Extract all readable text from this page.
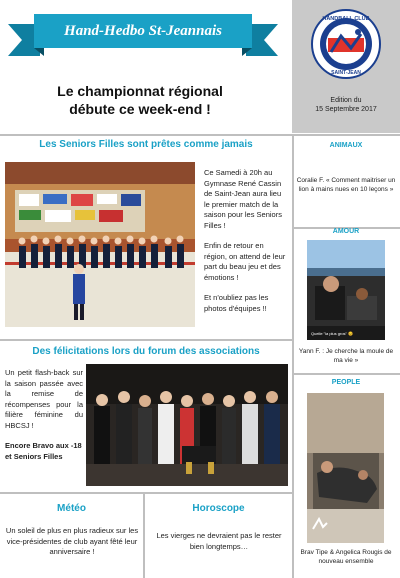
Hand-Hedbo St-Jeannais
Le championnat régional
débute ce week-end !
HANDBALL CLUB
SAINT-JEAN
Edition du
15 Septembre 2017
Les Seniors Filles sont prêtes comme jamais

Ce Samedi à 20h au Gymnase René Cassin de Saint-Jean aura lieu le premier match de la saison pour les Seniors Filles !

Enfin de retour en région, on attend de leur part du beau jeu et des émotions !

Et n'oubliez pas les photos d'équipes !!

Des félicitations lors du forum des associations

Un petit flash-back sur la saison passée avec la remise de récompenses pour la filière féminine du HBCSJ !

Encore Bravo aux -18 et Seniors Filles

Météo
Un soleil de plus en plus radieux sur les vice-présidentes de club ayant fêté leur anniversaire !
Horoscope
Les vierges ne devraient pas le rester bien longtemps…
ANIMAUX
Coralie F. « Comment maitriser un lion à mains nues en 10 leçons »
AMOUR
Quelle "la plus gros" 😊
Yann F. : Je cherche la moule de ma vie »
PEOPLE
Brav Tipe & Angelica Rougis de nouveau ensemble
